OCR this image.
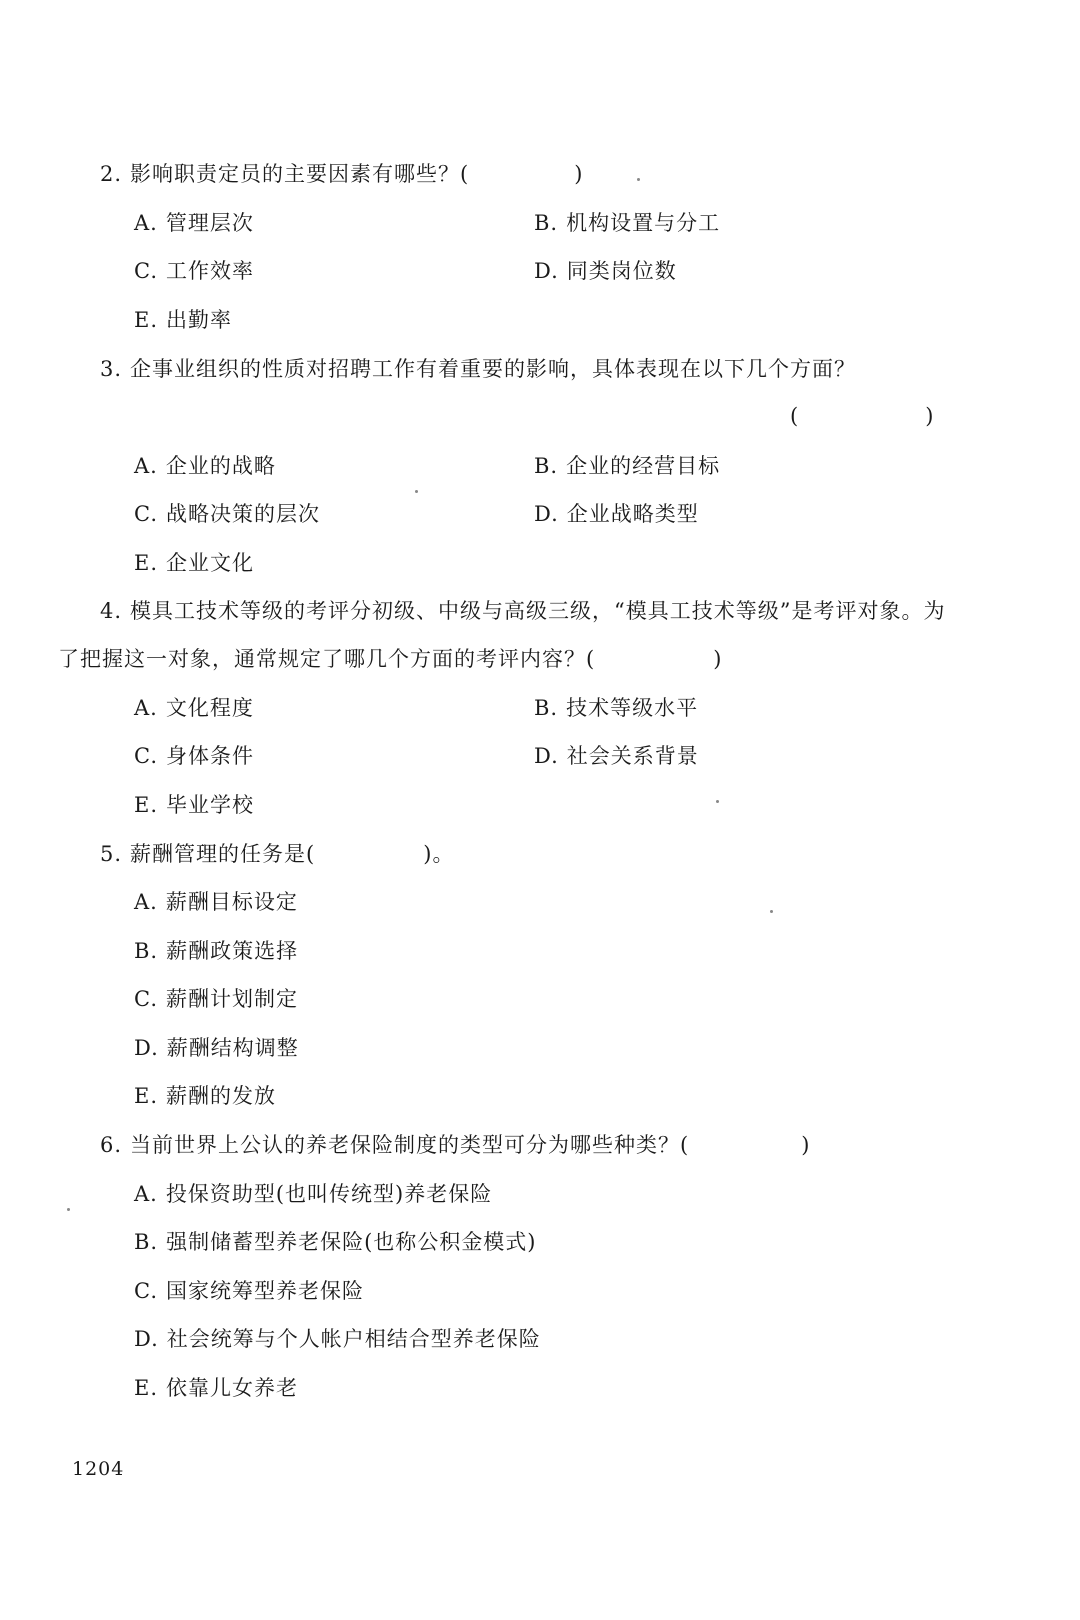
2. 影响职责定员的主要因素有哪些？(	)
A. 管理层次	B. 机构设置与分工
C. 工作效率	D. 同类岗位数
E. 出勤率
3. 企事业组织的性质对招聘工作有着重要的影响，具体表现在以下几个方面？
(	)
A. 企业的战略	B. 企业的经营目标
C. 战略决策的层次	D. 企业战略类型
E. 企业文化
4. 模具工技术等级的考评分初级、中级与高级三级，“模具工技术等级”是考评对象。为
了把握这一对象，通常规定了哪几个方面的考评内容？(	)
A. 文化程度	B. 技术等级水平
C. 身体条件	D. 社会关系背景
E. 毕业学校
5. 薪酬管理的任务是(	)。
A. 薪酬目标设定
B. 薪酬政策选择
C. 薪酬计划制定
D. 薪酬结构调整
E. 薪酬的发放
6. 当前世界上公认的养老保险制度的类型可分为哪些种类？(	)
A. 投保资助型(也叫传统型)养老保险
B. 强制储蓄型养老保险(也称公积金模式)
C. 国家统筹型养老保险
D. 社会统筹与个人帐户相结合型养老保险
E. 依靠儿女养老
1204
